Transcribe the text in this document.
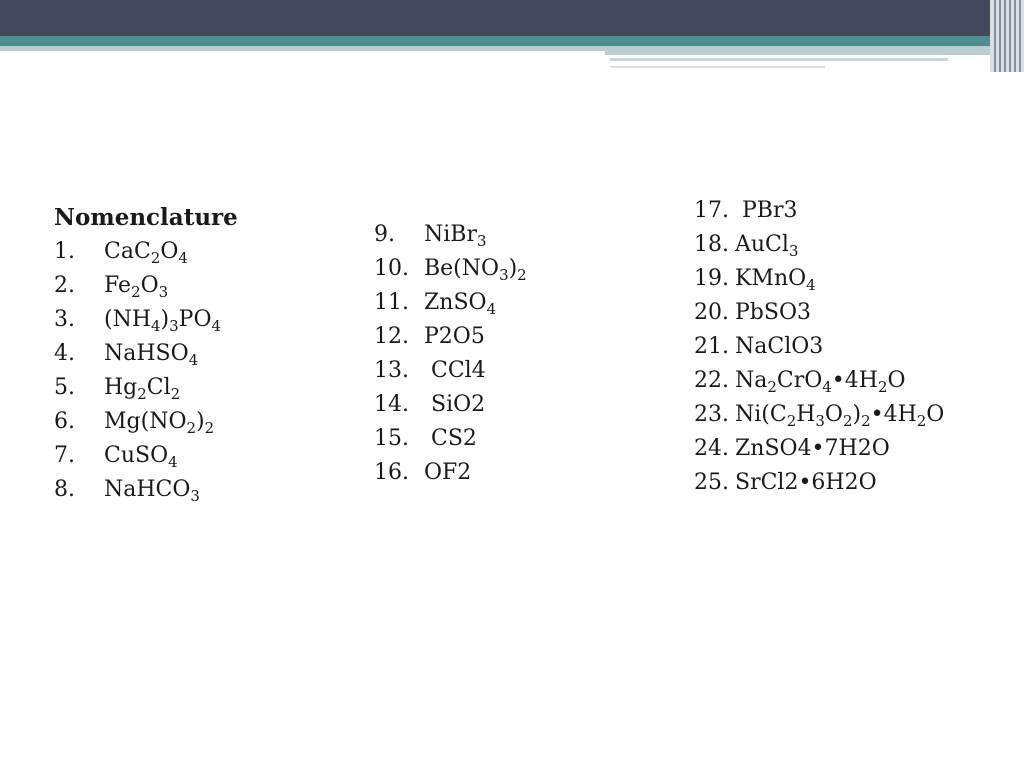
Nomenclature
1. $CaC_2O_4$
2. $Fe_2O_3$
3. $(NH_4)_3PO_4$
4. NaHSO$_4$
5. $Hg_2Cl_2$
6. $Mg(NO_2)_2$
7. CuSO$_4$
8. NaHCO$_3$
9. NiBr$_3$
10. $Be(NO_3)_2$
11. ZnSO$_4$
12. P2O5
13. CCl4
14. SiO2
15. CS2
16. OF2
17. PBr3
18. AuCl$_3$
19. KMnO$_4$
20. PbSO3
21. NaClO3
22. $Na_2CrO_4•4H_2O$
23. $Ni(C_2H_3O_2)_2•4H_2O$
24. ZnSO4•7H2O
25. SrCl2•6H2O
